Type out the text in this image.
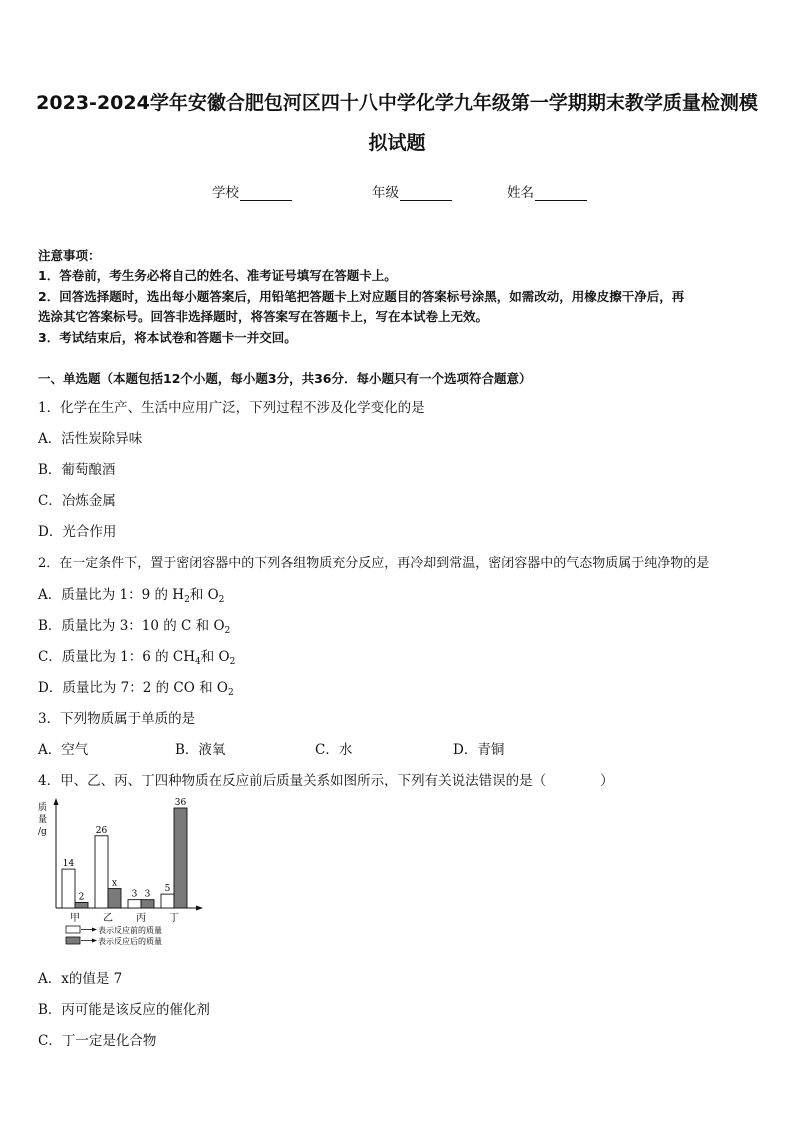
2023-2024学年安徽合肥包河区四十八中学化学九年级第一学期期末教学质量检测模
拟试题
学校	年级	姓名
注意事项：
1．答卷前，考生务必将自己的姓名、准考证号填写在答题卡上。
2．回答选择题时，选出每小题答案后，用铅笔把答题卡上对应题目的答案标号涂黑，如需改动，用橡皮擦干净后，再
选涂其它答案标号。回答非选择题时，将答案写在答题卡上，写在本试卷上无效。
3．考试结束后，将本试卷和答题卡一并交回。
一、单选题（本题包括12个小题，每小题3分，共36分．每小题只有一个选项符合题意）
1．化学在生产、生活中应用广泛，下列过程不涉及化学变化的是
A．活性炭除异味
B．葡萄酿酒
C．冶炼金属
D．光合作用
2．在一定条件下，置于密闭容器中的下列各组物质充分反应，再冷却到常温，密闭容器中的气态物质属于纯净物的是
A．质量比为 1：9 的 $H_2$和 $O_2$
B．质量比为 3：10 的 C 和 $O_2$
C．质量比为 1：6 的 $CH_4$和 $O_2$
D．质量比为 7：2 的 CO 和 $O_2$
3．下列物质属于单质的是
A．空气	B．液氧	C．水	D．青铜
4．甲、乙、丙、丁四种物质在反应前后质量关系如图所示，下列有关说法错误的是（　　　　）
质
量
/g
14
2
甲
26
x
乙
3 3
丙
5
36
丁
表示反应前的质量
表示反应后的质量
A．x的值是 7
B．丙可能是该反应的催化剂
C．丁一定是化合物
